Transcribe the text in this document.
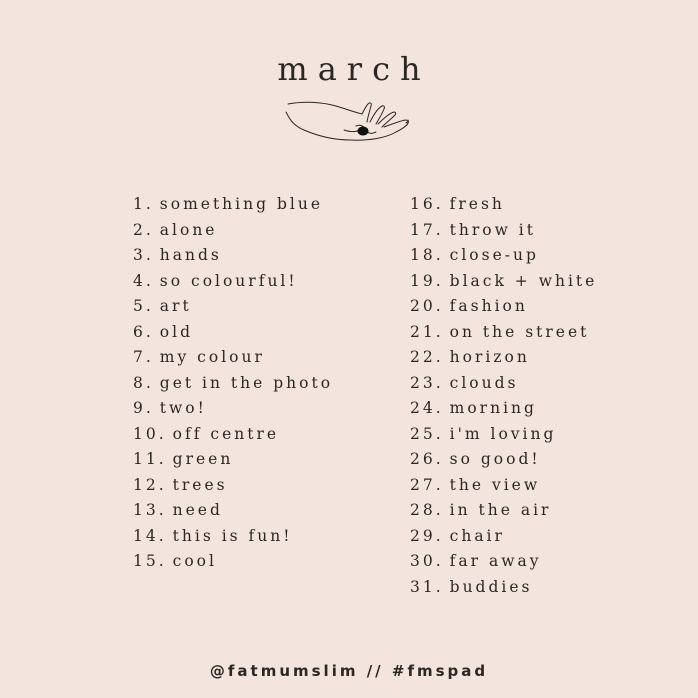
march
1. something blue
2. alone
3. hands
4. so colourful!
5. art
6. old
7. my colour
8. get in the photo
9. two!
10. off centre
11. green
12. trees
13. need
14. this is fun!
15. cool
16. fresh
17. throw it
18. close-up
19. black + white
20. fashion
21. on the street
22. horizon
23. clouds
24. morning
25. i'm loving
26. so good!
27. the view
28. in the air
29. chair
30. far away
31. buddies
@fatmumslim // #fmspad
